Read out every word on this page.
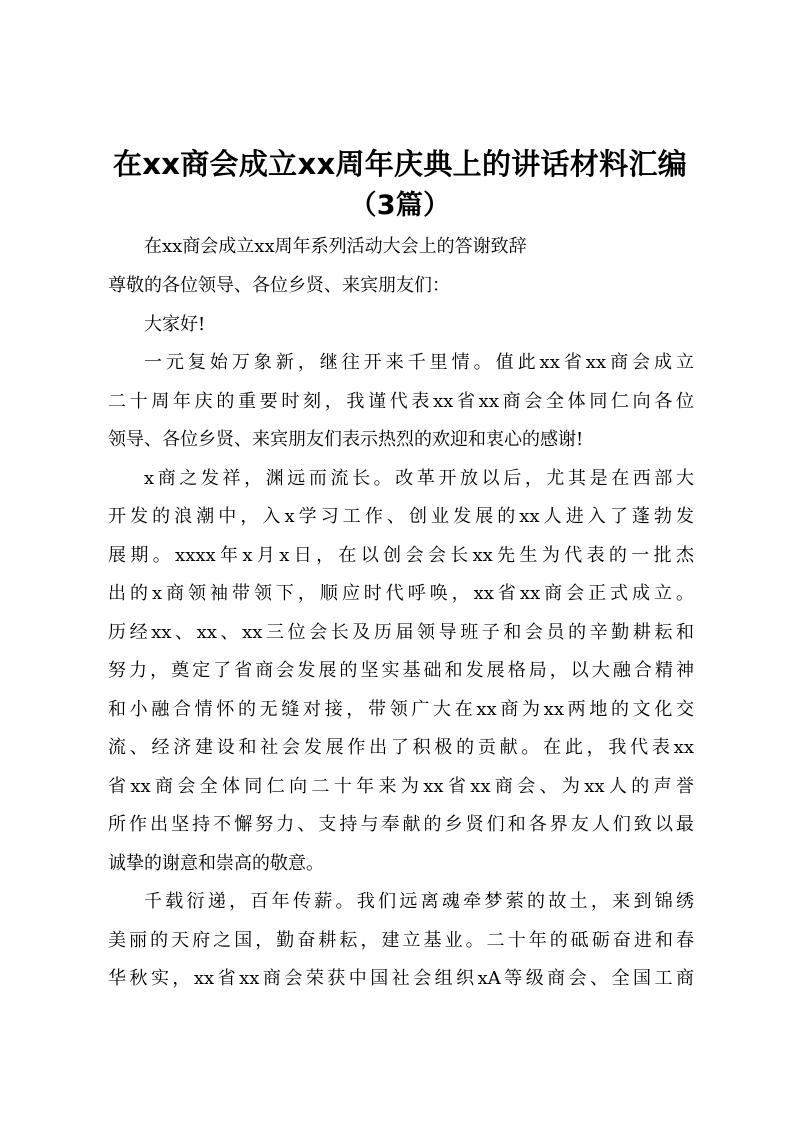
在xx商会成立xx周年庆典上的讲话材料汇编
（3篇）
在xx商会成立xx周年系列活动大会上的答谢致辞
尊敬的各位领导、各位乡贤、来宾朋友们：
大家好!
一元复始万象新，继往开来千里情。值此xx省xx商会成立
二十周年庆的重要时刻，我谨代表xx省xx商会全体同仁向各位
领导、各位乡贤、来宾朋友们表示热烈的欢迎和衷心的感谢!
x商之发祥，渊远而流长。改革开放以后，尤其是在西部大
开发的浪潮中，入x学习工作、创业发展的xx人进入了蓬勃发
展期。xxxx年x月x日，在以创会会长xx先生为代表的一批杰
出的x商领袖带领下，顺应时代呼唤，xx省xx商会正式成立。
历经xx、xx、xx三位会长及历届领导班子和会员的辛勤耕耘和
努力，奠定了省商会发展的坚实基础和发展格局，以大融合精神
和小融合情怀的无缝对接，带领广大在xx商为xx两地的文化交
流、经济建设和社会发展作出了积极的贡献。在此，我代表xx
省xx商会全体同仁向二十年来为xx省xx商会、为xx人的声誉
所作出坚持不懈努力、支持与奉献的乡贤们和各界友人们致以最
诚挚的谢意和崇高的敬意。
千载衍递，百年传薪。我们远离魂牵梦萦的故土，来到锦绣
美丽的天府之国，勤奋耕耘，建立基业。二十年的砥砺奋进和春
华秋实，xx省xx商会荣获中国社会组织xA等级商会、全国工商
